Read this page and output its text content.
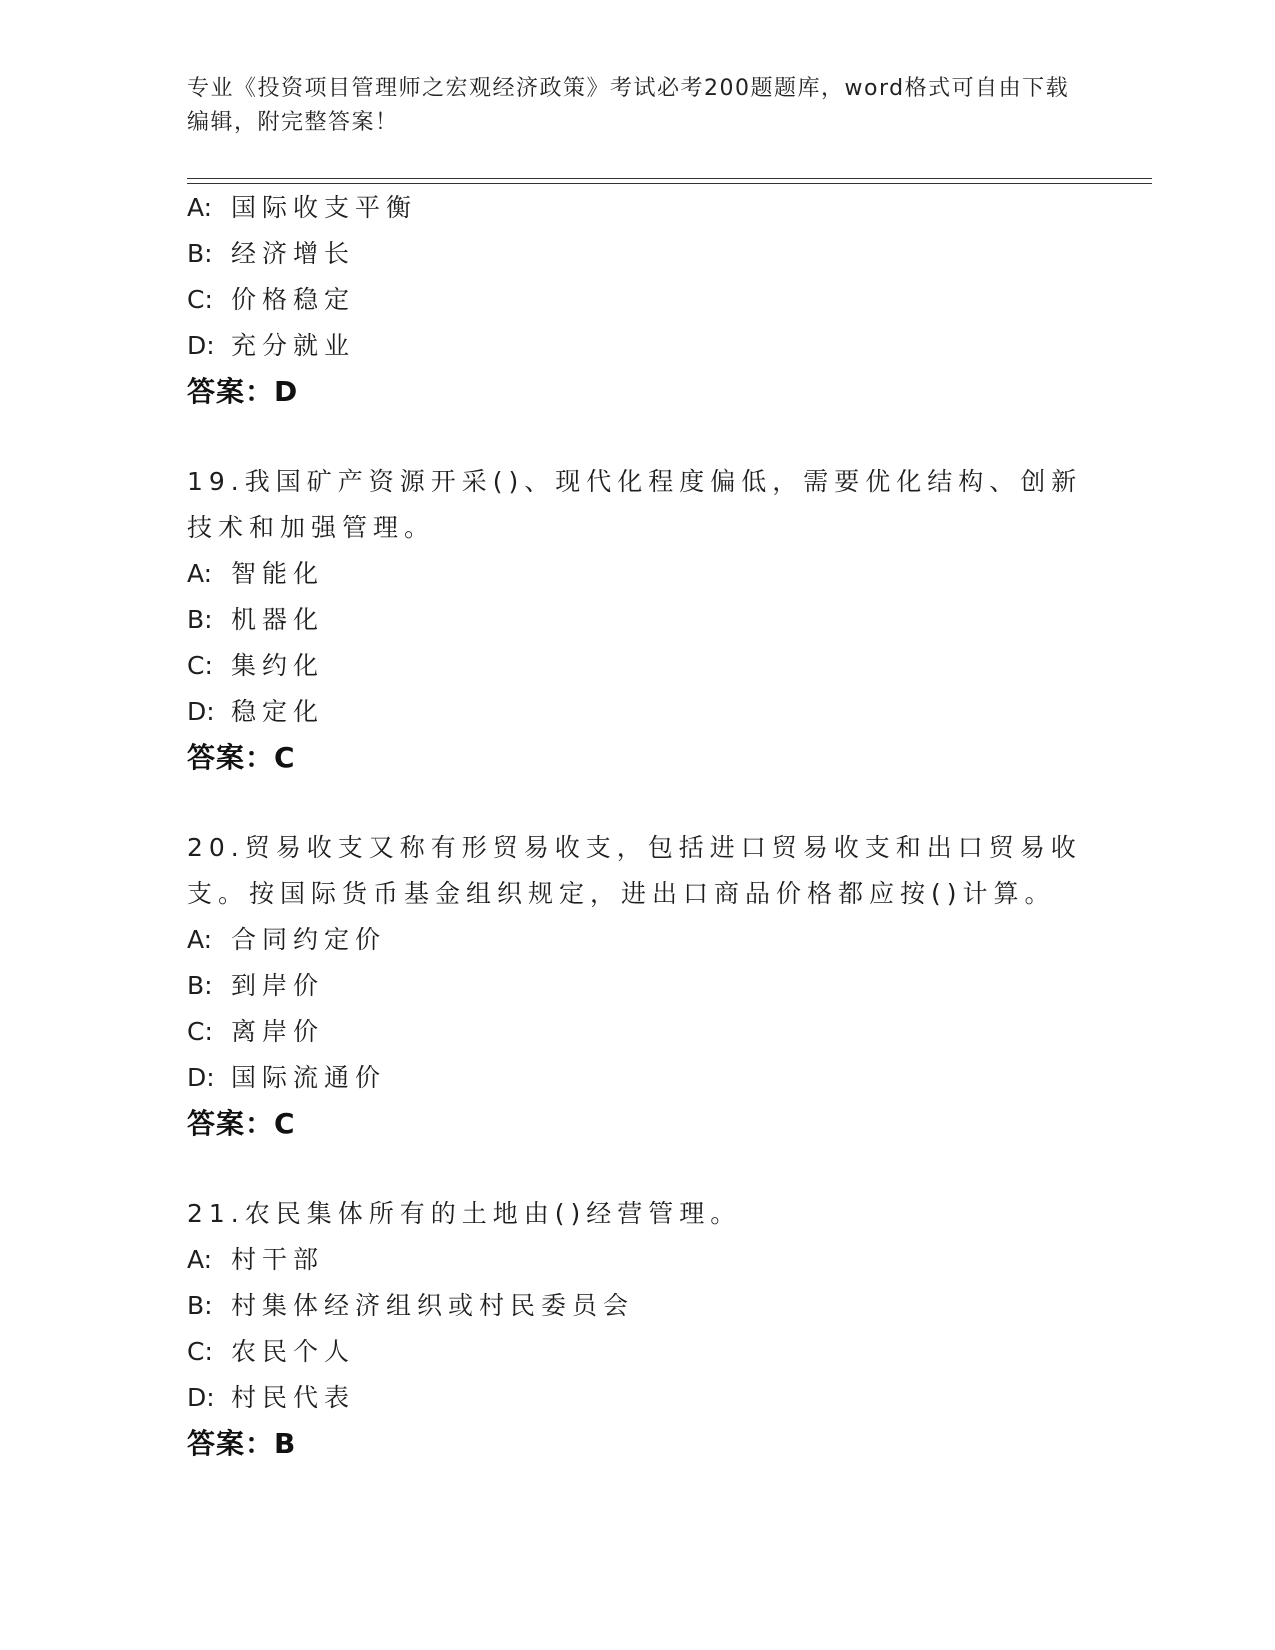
专业《投资项目管理师之宏观经济政策》考试必考200题题库，word格式可自由下载编辑，附完整答案！
A: 国际收支平衡
B: 经济增长
C: 价格稳定
D: 充分就业
答案：D
19.我国矿产资源开采()、现代化程度偏低，需要优化结构、创新技术和加强管理。
A: 智能化
B: 机器化
C: 集约化
D: 稳定化
答案：C
20.贸易收支又称有形贸易收支，包括进口贸易收支和出口贸易收支。按国际货币基金组织规定，进出口商品价格都应按()计算。
A: 合同约定价
B: 到岸价
C: 离岸价
D: 国际流通价
答案：C
21.农民集体所有的土地由()经营管理。
A: 村干部
B: 村集体经济组织或村民委员会
C: 农民个人
D: 村民代表
答案：B
